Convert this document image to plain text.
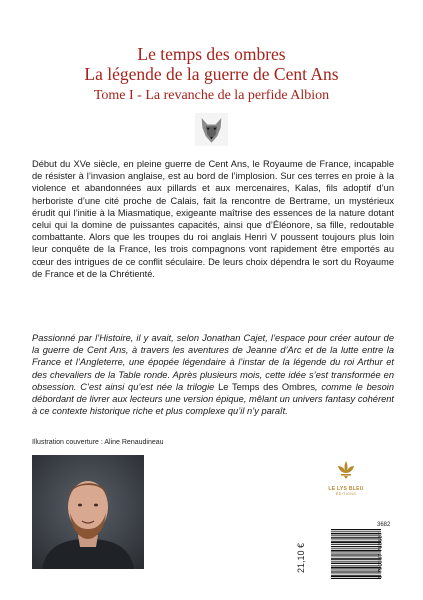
Le temps des ombres

La légende de la guerre de Cent Ans

Tome I - La revanche de la perfide Albion

Début du XVe siècle, en pleine guerre de Cent Ans, le Royaume de France, incapable de résister à l’invasion anglaise, est au bord de l’implosion. Sur ces terres en proie à la violence et abandonnées aux pillards et aux mercenaires, Kalas, fils adoptif d’un herboriste d’une cité proche de Calais, fait la rencontre de Bertrame, un mystérieux érudit qui l’initie à la Miasmatique, exigeante maîtrise des essences de la nature dotant celui qui la domine de puissantes capacités, ainsi que d’Éléonore, sa fille, redoutable combattante. Alors que les troupes du roi anglais Henri V poussent toujours plus loin leur conquête de la France, les trois compagnons vont rapidement être emportés au cœur des intrigues de ce conflit séculaire. De leurs choix dépendra le sort du Royaume de France et de la Chrétienté.

Passionné par l’Histoire, il y avait, selon Jonathan Cajet, l’espace pour créer autour de la guerre de Cent Ans, à travers les aventures de Jeanne d’Arc et de la lutte entre la France et l’Angleterre, une épopée légendaire à l’instar de la légende du roi Arthur et des chevaliers de la Table ronde. Après plusieurs mois, cette idée s’est transformée en obsession. C’est ainsi qu’est née la trilogie Le Temps des Ombres, comme le besoin débordant de livrer aux lecteurs une version épique, mêlant un univers fantasy cohérent à ce contexte historique riche et plus complexe qu’il n’y paraît.

Illustration couverture : Aline Renaudineau
LE LYS BLEU
ÉDITIONS
3682
21,10 €	9 791037 783687
